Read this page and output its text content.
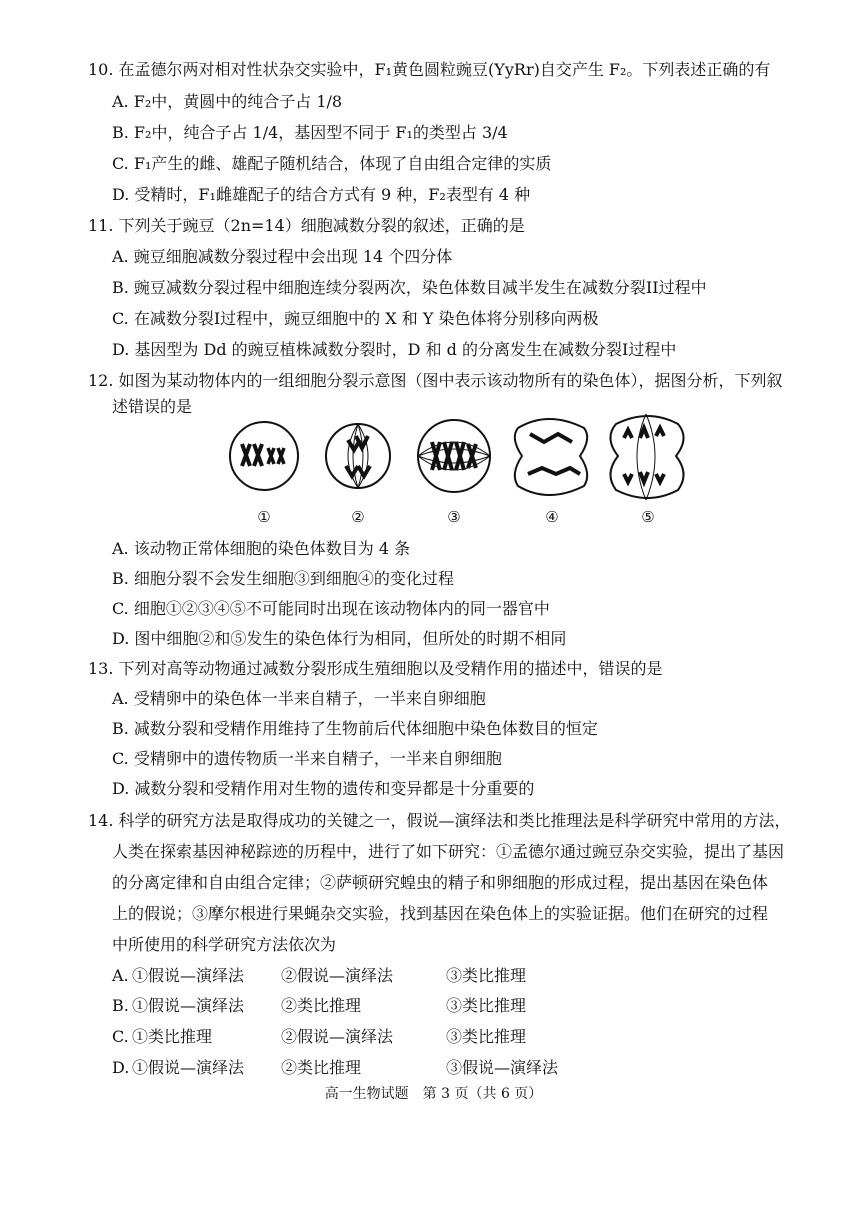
10. 在孟德尔两对相对性状杂交实验中，F₁黄色圆粒豌豆(YyRr)自交产生 F₂。下列表述正确的有
A. F₂中，黄圆中的纯合子占 1/8
B. F₂中，纯合子占 1/4，基因型不同于 F₁的类型占 3/4
C. F₁产生的雌、雄配子随机结合，体现了自由组合定律的实质
D. 受精时，F₁雌雄配子的结合方式有 9 种，F₂表型有 4 种
11. 下列关于豌豆（2n=14）细胞减数分裂的叙述，正确的是
A. 豌豆细胞减数分裂过程中会出现 14 个四分体
B. 豌豆减数分裂过程中细胞连续分裂两次，染色体数目减半发生在减数分裂II过程中
C. 在减数分裂I过程中，豌豆细胞中的 X 和 Y 染色体将分别移向两极
D. 基因型为 Dd 的豌豆植株减数分裂时，D 和 d 的分离发生在减数分裂I过程中
12. 如图为某动物体内的一组细胞分裂示意图（图中表示该动物所有的染色体），据图分析，下列叙
述错误的是
①	②	③	④	⑤
A. 该动物正常体细胞的染色体数目为 4 条
B. 细胞分裂不会发生细胞③到细胞④的变化过程
C. 细胞①②③④⑤不可能同时出现在该动物体内的同一器官中
D. 图中细胞②和⑤发生的染色体行为相同，但所处的时期不相同
13. 下列对高等动物通过减数分裂形成生殖细胞以及受精作用的描述中，错误的是
A. 受精卵中的染色体一半来自精子，一半来自卵细胞
B. 减数分裂和受精作用维持了生物前后代体细胞中染色体数目的恒定
C. 受精卵中的遗传物质一半来自精子，一半来自卵细胞
D. 减数分裂和受精作用对生物的遗传和变异都是十分重要的
14. 科学的研究方法是取得成功的关键之一，假说—演绎法和类比推理法是科学研究中常用的方法，
人类在探索基因神秘踪迹的历程中，进行了如下研究：①孟德尔通过豌豆杂交实验，提出了基因
的分离定律和自由组合定律；②萨顿研究蝗虫的精子和卵细胞的形成过程，提出基因在染色体
上的假说；③摩尔根进行果蝇杂交实验，找到基因在染色体上的实验证据。他们在研究的过程
中所使用的科学研究方法依次为
A. ①假说—演绎法 ②假说—演绎法	③类比推理
B. ①假说—演绎法 ②类比推理	③类比推理
C. ①类比推理	②假说—演绎法	③类比推理
D. ①假说—演绎法 ②类比推理	③假说—演绎法
高一生物试题　第 3 页（共 6 页）
